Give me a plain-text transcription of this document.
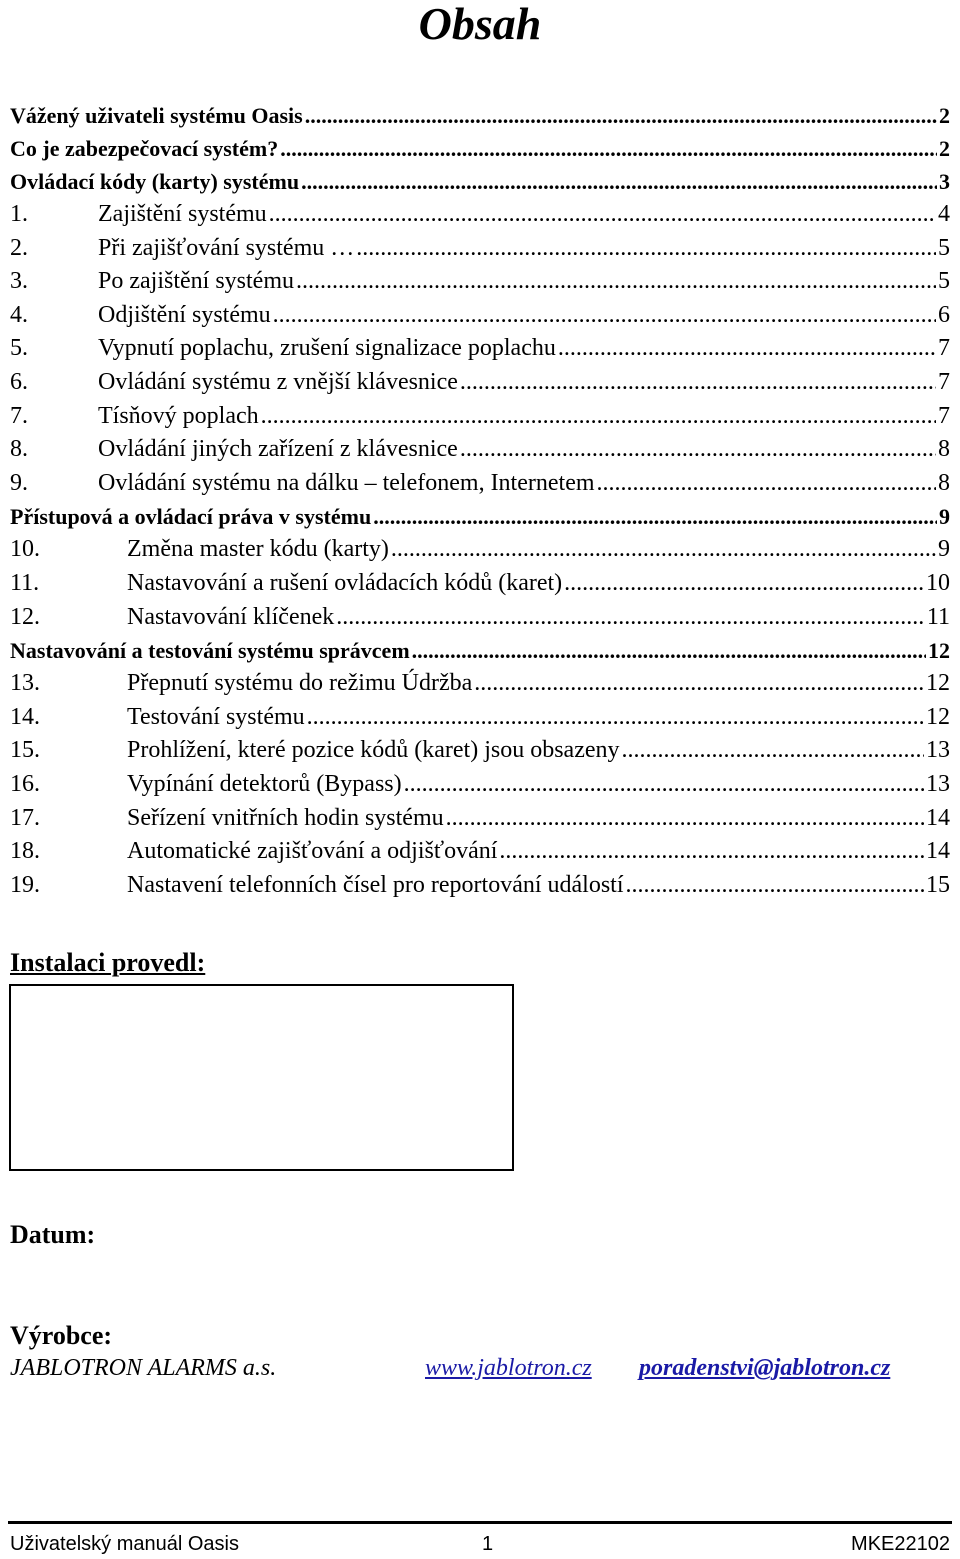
Obsah
Vážený uživateli systému Oasis .....	2
Co je zabezpečovací systém? .....	2
Ovládací kódy (karty) systému .....	3
1.	Zajištění systému .....	4
2.	Při zajišťování systému … .....	5
3.	Po zajištění systému .....	5
4.	Odjištění systému .....	6
5.	Vypnutí poplachu, zrušení signalizace poplachu .....	7
6.	Ovládání systému z vnější klávesnice .....	7
7.	Tísňový poplach .....	7
8.	Ovládání jiných zařízení z klávesnice .....	8
9.	Ovládání systému na dálku – telefonem, Internetem .....	8
Přístupová a ovládací práva v systému .....	9
10.	Změna master kódu (karty) .....	9
11.	Nastavování a rušení ovládacích kódů (karet) .....	10
12.	Nastavování klíčenek .....	11
Nastavování a testování systému správcem .....	12
13.	Přepnutí systému do režimu Údržba .....	12
14.	Testování systému .....	12
15.	Prohlížení, které pozice kódů (karet) jsou obsazeny .....	13
16.	Vypínání detektorů (Bypass) .....	13
17.	Seřízení vnitřních hodin systému .....	14
18.	Automatické zajišťování a odjišťování .....	14
19.	Nastavení telefonních čísel pro reportování událostí .....	15
Instalaci provedl:
Datum:
Výrobce:
JABLOTRON ALARMS a.s.	www.jablotron.cz poradenstvi@jablotron.cz
Uživatelský manuál Oasis	1	MKE22102
